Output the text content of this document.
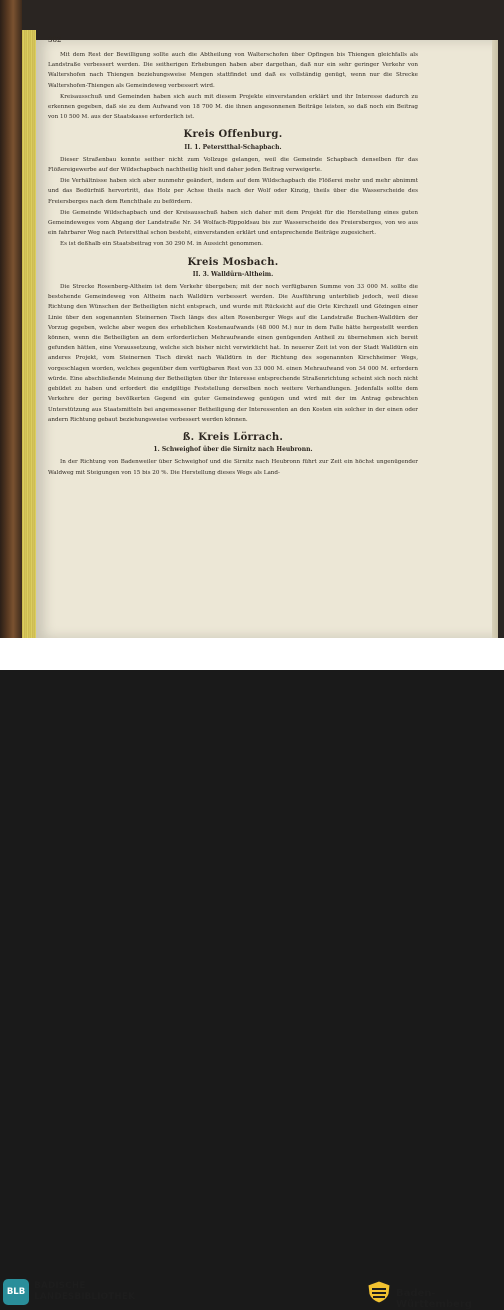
382
Mit dem Rest der Bewilligung sollte auch die Abtheilung von Walterschofen über Opfingen bis Thiengen gleichfalls als Landstraße verbessert werden. Die seitherigen Erhebungen haben aber dargethan, daß nur ein sehr geringer Verkehr von Waltershofen nach Thiengen beziehungsweise Mengen stattfindet und daß es vollständig genügt, wenn nur die Strecke Waltershofen-Thiengen als Gemeindeweg verbessert wird.
Kreisausschuß und Gemeinden haben sich auch mit diesem Projekte einverstanden erklärt und ihr Interesse dadurch zu erkennen gegeben, daß sie zu dem Aufwand von 18 700 M. die ihnen angesonnenen Beiträge leisten, so daß noch ein Beitrag von 10 500 M. aus der Staatskasse erforderlich ist.
Kreis Offenburg.
II. 1. Peterstthal-Schapbach.
Dieser Straßenbau konnte seither nicht zum Vollzuge gelangen, weil die Gemeinde Schapbach denselben für das Flößereigewerbe auf der Wildschapbach nachtheilig hielt und daher jeden Beitrag verweigerte.
Die Verhältnisse haben sich aber nunmehr geändert, indem auf dem Wildschapbach die Flößerei mehr und mehr abnimmt und das Bedürfniß hervortritt, das Holz per Achse theils nach der Wolf oder Kinzig, theils über die Wasserscheide des Freiersberges nach dem Renchthale zu befördern.
Die Gemeinde Wildschapbach und der Kreisausschuß haben sich daher mit dem Projekt für die Herstellung eines guten Gemeindeweges vom Abgang der Landstraße Nr. 34 Wolfach-Rippoldsau bis zur Wasserscheide des Freiersberges, von wo aus ein fahrbarer Weg nach Peterstthal schon besteht, einverstanden erklärt und entsprechende Beiträge zugesichert.
Es ist deßhalb ein Staatsbeitrag von 30 290 M. in Aussicht genommen.
Kreis Mosbach.
II. 3. Walldürn-Altheim.
Die Strecke Rosenberg-Altheim ist dem Verkehr übergeben; mit der noch verfügbaren Summe von 33 000 M. sollte die bestehende Gemeindeweg von Altheim nach Walldürn verbessert werden. Die Ausführung unterblieb jedoch, weil diese Richtung den Wünschen der Betheiligten nicht entsprach, und wurde mit Rücksicht auf die Orte Kirchzell und Gözingen einer Linie über den sogenannten Steinernen Tisch längs des alten Rosenberger Wegs auf die Landstraße Buchen-Walldürn der Vorzug gegeben, welche aber wegen des erheblichen Kostenaufwands (48 000 M.) nur in dem Falle hätte hergestellt werden können, wenn die Betheiligten an dem erforderlichen Mehraufwande einen genügenden Antheil zu übernehmen sich bereit gefunden hätten, eine Voraussetzung, welche sich bisher nicht verwirklicht hat. In neuerer Zeit ist von der Stadt Walldürn ein anderes Projekt, vom Steinernen Tisch direkt nach Walldürn in der Richtung des sogenannten Kirschheimer Wegs, vorgeschlagen worden, welches gegenüber dem verfügbaren Rest von 33 000 M. einen Mehraufwand von 34 000 M. erfordern würde. Eine abschließende Meinung der Betheiligten über ihr Interesse entsprechende Straßenrichtung scheint sich noch nicht gebildet zu haben und erfordert die endgiltige Feststellung derselben noch weitere Verhandlungen. Jedenfalls sollte dem Verkehre der gering bevölkerten Gegend ein guter Gemeindeweg genügen und wird mit der im Antrag gebrachten Unterstützung aus Staatsmitteln bei angemessener Betheiligung der Interessenten an den Kosten ein solcher in der einen oder andern Richtung gebaut beziehungsweise verbessert werden können.
ß. Kreis Lörrach.
1. Schweighof über die Sirnitz nach Heubronn.
In der Richtung von Badenweiler über Schweighof und die Sirnitz nach Heubronn führt zur Zeit ein höchst ungenügender Waldweg mit Steigungen von 15 bis 20 %. Die Herstellung dieses Wegs als Land-
BLB
BADISCHE
LANDESBIBLIOTHEK	Baden-Württemberg
